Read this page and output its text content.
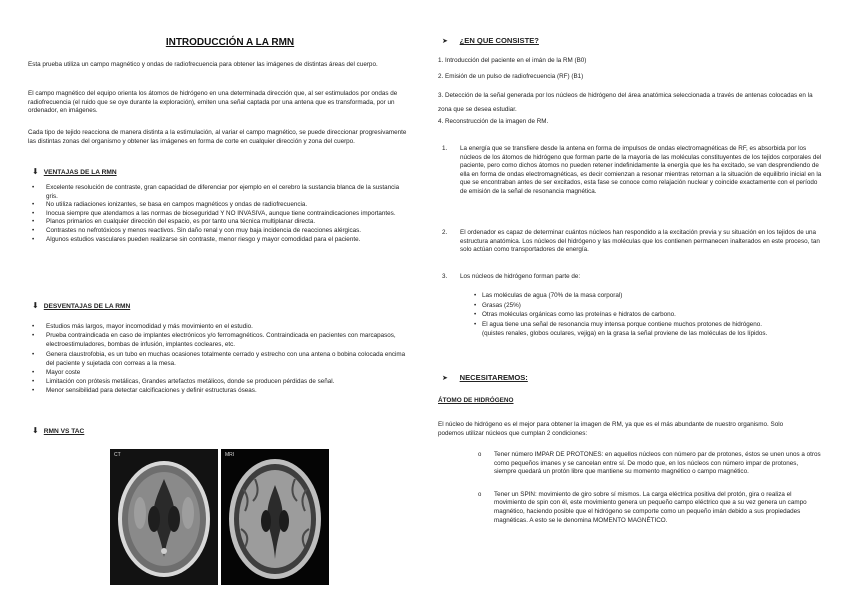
INTRODUCCIÓN A LA RMN

Esta prueba utiliza un campo magnético y ondas de radiofrecuencia para obtener las imágenes de distintas áreas del cuerpo.

El campo magnético del equipo orienta los átomos de hidrógeno en una determinada dirección que, al ser estimulados por ondas de radiofrecuencia (el ruido que se oye durante la exploración), emiten una señal captada por una antena que es transformada, por un ordenador, en imágenes.

Cada tipo de tejido reacciona de manera distinta a la estimulación, al variar el campo magnético, se puede direccionar progresivamente las distintas zonas del organismo y obtener las imágenes en forma de corte en cualquier dirección y zona del cuerpo.

⬇ VENTAJAS DE LA RMN
• Excelente resolución de contraste, gran capacidad de diferenciar por ejemplo en el cerebro la sustancia blanca de la sustancia gris.
• No utiliza radiaciones ionizantes, se basa en campos magnéticos y ondas de radiofrecuencia.
• Inocua siempre que atendamos a las normas de bioseguridad Y NO INVASIVA, aunque tiene contraindicaciones importantes.
• Planos primarios en cualquier dirección del espacio, es por tanto una técnica multiplanar directa.
• Contrastes no nefrotóxicos y menos reactivos. Sin daño renal y con muy baja incidencia de reacciones alérgicas.
• Algunos estudios vasculares pueden realizarse sin contraste, menor riesgo y mayor comodidad para el paciente.
⬇ DESVENTAJAS DE LA RMN
• Estudios más largos, mayor incomodidad y más movimiento en el estudio.
• Prueba contraindicada en caso de implantes electrónicos y/o ferromagnéticos. Contraindicada en pacientes con marcapasos, electroestimuladores, bombas de infusión, implantes cocleares, etc.
• Genera claustrofobia, es un tubo en muchas ocasiones totalmente cerrado y estrecho con una antena o bobina colocada encima del paciente y sujetada con correas a la mesa.
• Mayor coste
• Limitación con prótesis metálicas, Grandes artefactos metálicos, donde se producen pérdidas de señal.
• Menor sensibilidad para detectar calcificaciones y definir estructuras óseas.
⬇ RMN VS TAC
CT	MRI
➤ ¿EN QUE CONSISTE?

1. Introducción del paciente en el imán de la RM (B0)

2. Emisión de un pulso de radiofrecuencia (RF) (B1)

3. Detección de la señal generada por los núcleos de hidrógeno del área anatómica seleccionada a través de antenas colocadas en la zona que se desea estudiar.

4. Reconstrucción de la imagen de RM.

1. La energía que se transfiere desde la antena en forma de impulsos de ondas electromagnéticas de RF, es absorbida por los núcleos de los átomos de hidrógeno que forman parte de la mayoría de las moléculas constituyentes de los tejidos corporales del paciente, pero como dichos átomos no pueden retener indefinidamente la energía que les ha excitado, se van desprendiendo de ella en forma de ondas electromagnéticas, es decir comienzan a resonar mientras retornan a la situación de equilibrio inicial en la que se encontraban antes de ser excitados, esta fase se conoce como relajación nuclear y coincide exactamente con el período de emisión de la señal de resonancia magnética.
2. El ordenador es capaz de determinar cuántos núcleos han respondido a la excitación previa y su situación en los tejidos de una estructura anatómica. Los núcleos del hidrógeno y las moléculas que los contienen permanecen inalterados en este proceso, tan solo actúan como transportadores de energía.
3. Los núcleos de hidrógeno forman parte de:
• Las moléculas de agua (70% de la masa corporal)
• Grasas (25%)
• Otras moléculas orgánicas como las proteínas e hidratos de carbono.
• El agua tiene una señal de resonancia muy intensa porque contiene muchos protones de hidrógeno. (quistes renales, globos oculares, vejiga) en la grasa la señal proviene de las moléculas de los lípidos.
➤ NECESITAREMOS:

ÁTOMO DE HIDRÓGENO

El núcleo de hidrógeno es el mejor para obtener la imagen de RM, ya que es el más abundante de nuestro organismo. Solo podemos utilizar núcleos que cumplan 2 condiciones:

o Tener número IMPAR DE PROTONES: en aquellos núcleos con número par de protones, éstos se unen unos a otros como pequeños imanes y se cancelan entre sí. De modo que, en los núcleos con número impar de protones, siempre quedará un protón libre que mantiene su momento magnético o campo magnético.
o Tener un SPIN: movimiento de giro sobre sí mismos. La carga eléctrica positiva del protón, gira o realiza el movimiento de spin con él, este movimiento genera un pequeño campo eléctrico que a su vez genera un campo magnético, haciendo posible que el hidrógeno se comporte como un pequeño imán debido a sus propiedades magnéticas. A esto se le denomina MOMENTO MAGNÉTICO.
